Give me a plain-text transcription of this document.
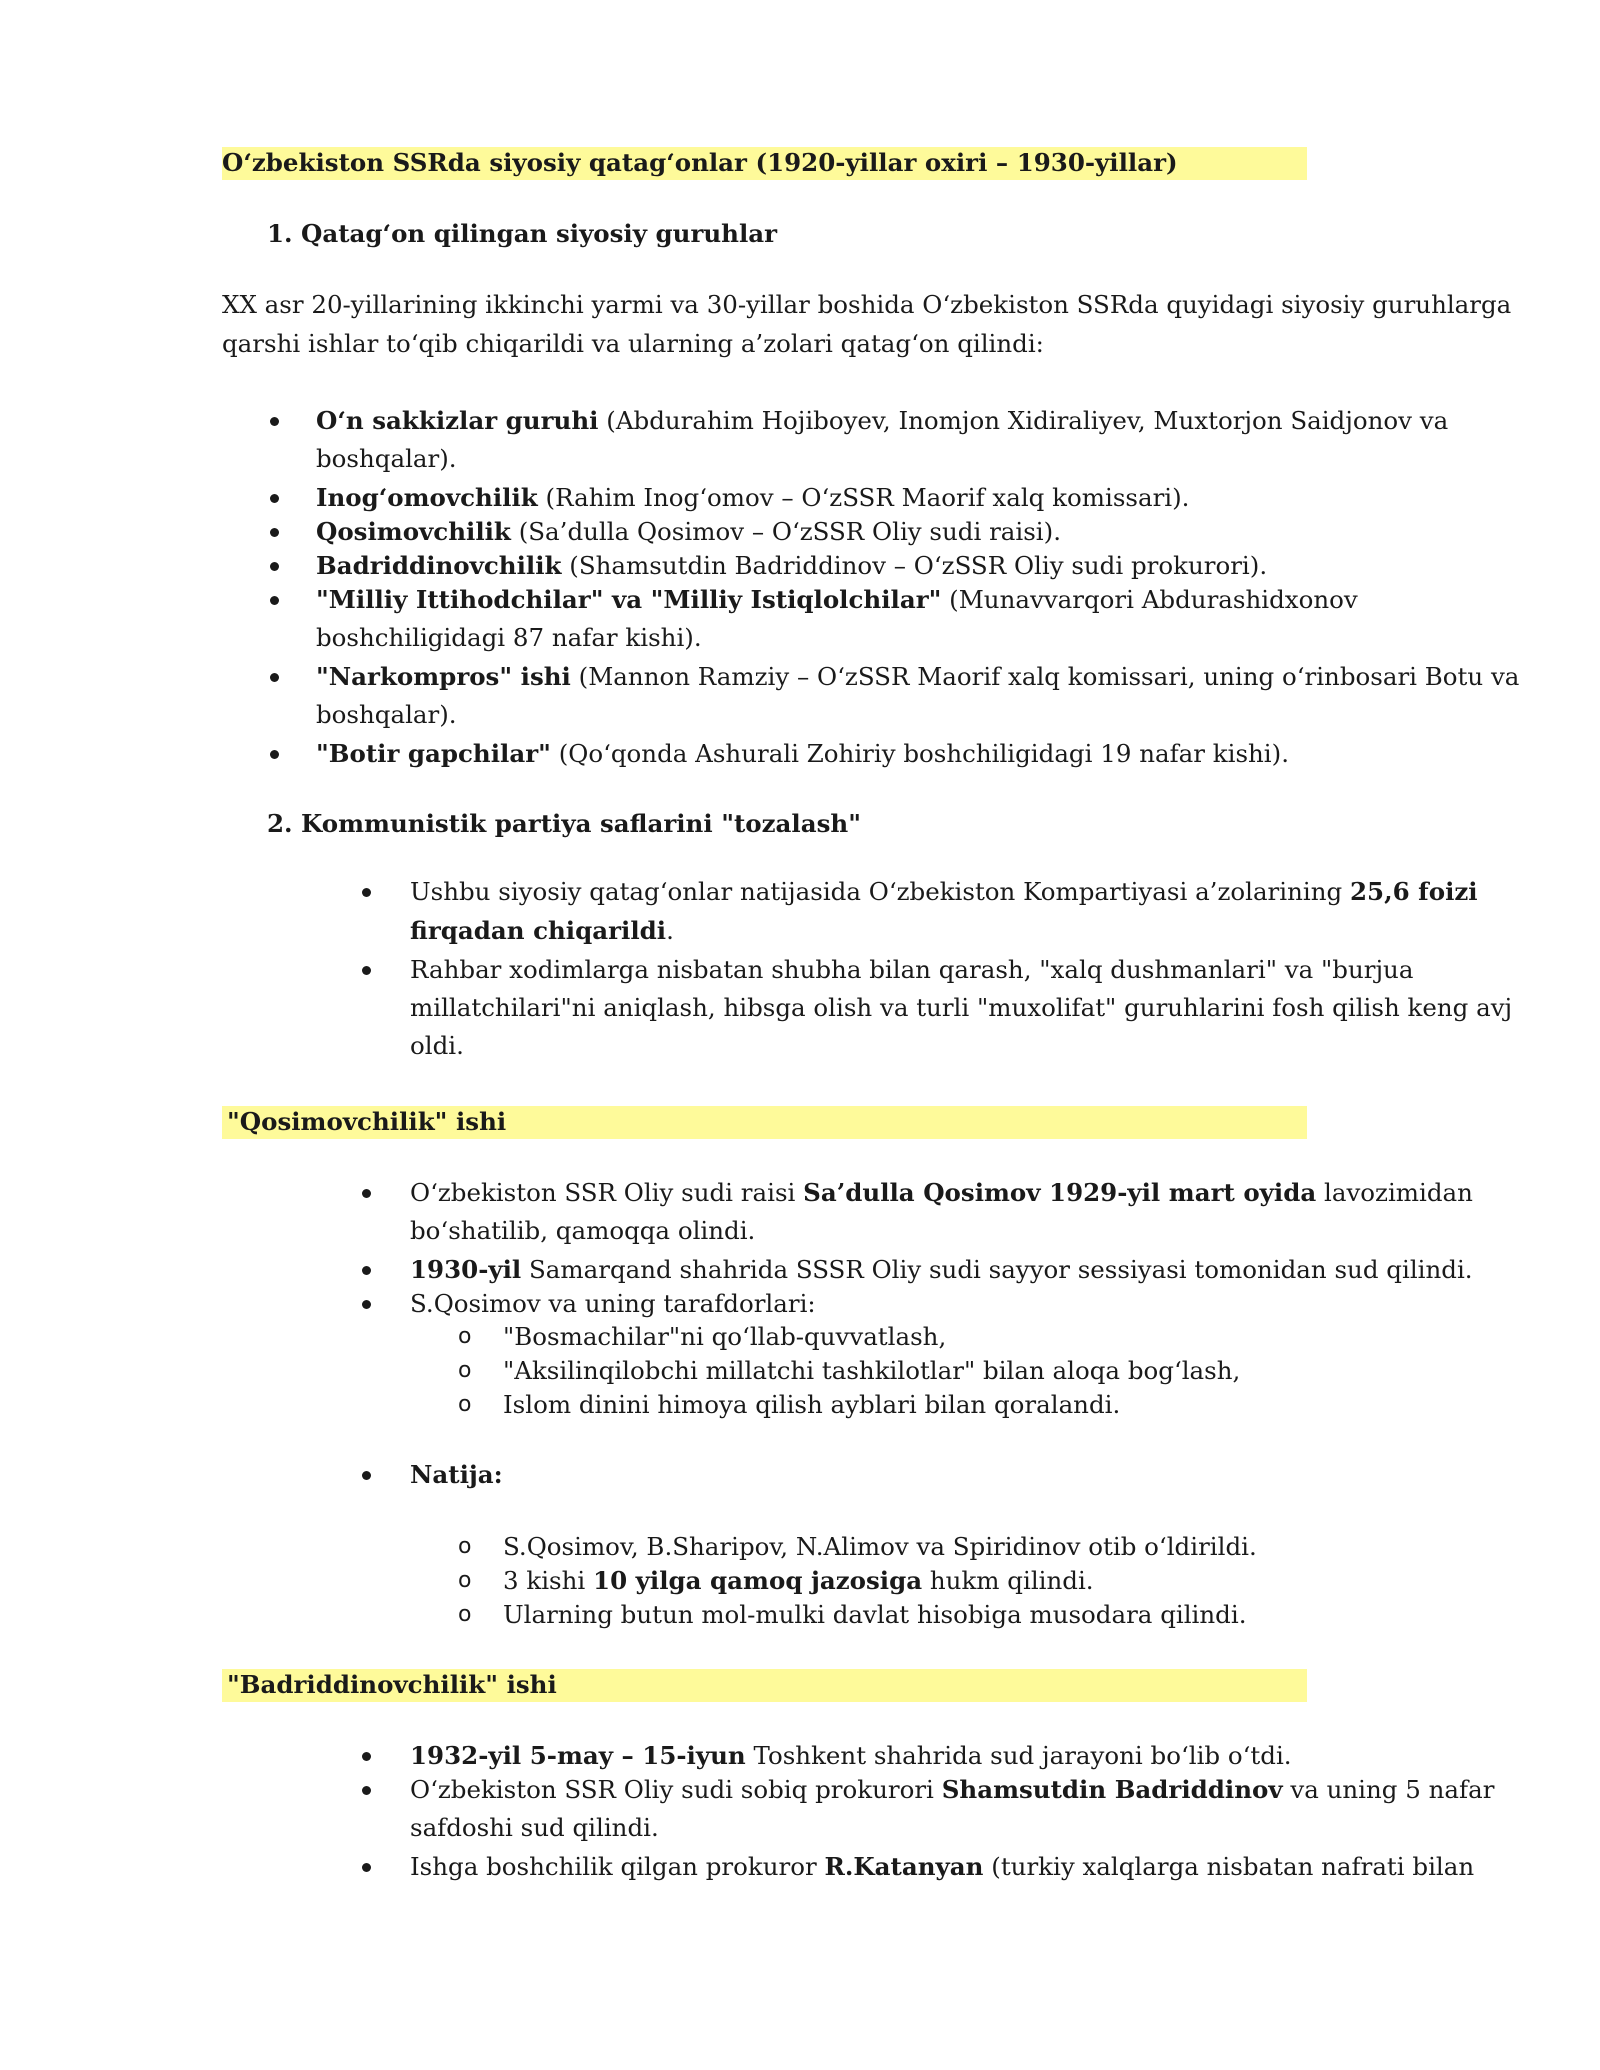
O‘zbekiston SSRda siyosiy qatag‘onlar (1920-yillar oxiri – 1930-yillar)
1. Qatag‘on qilingan siyosiy guruhlar
XX asr 20-yillarining ikkinchi yarmi va 30-yillar boshida O‘zbekiston SSRda quyidagi siyosiy guruhlarga
qarshi ishlar to‘qib chiqarildi va ularning a’zolari qatag‘on qilindi:
O‘n sakkizlar guruhi (Abdurahim Hojiboyev, Inomjon Xidiraliyev, Muxtorjon Saidjonov va
boshqalar).
Inog‘omovchilik (Rahim Inog‘omov – O‘zSSR Maorif xalq komissari).
Qosimovchilik (Sa’dulla Qosimov – O‘zSSR Oliy sudi raisi).
Badriddinovchilik (Shamsutdin Badriddinov – O‘zSSR Oliy sudi prokurori).
"Milliy Ittihodchilar" va "Milliy Istiqlolchilar" (Munavvarqori Abdurashidxonov
boshchiligidagi 87 nafar kishi).
"Narkompros" ishi (Mannon Ramziy – O‘zSSR Maorif xalq komissari, uning o‘rinbosari Botu va
boshqalar).
"Botir gapchilar" (Qo‘qonda Ashurali Zohiriy boshchiligidagi 19 nafar kishi).
2. Kommunistik partiya saflarini "tozalash"
Ushbu siyosiy qatag‘onlar natijasida O‘zbekiston Kompartiyasi a’zolarining 25,6 foizi
firqadan chiqarildi.
Rahbar xodimlarga nisbatan shubha bilan qarash, "xalq dushmanlari" va "burjua
millatchilari"ni aniqlash, hibsga olish va turli "muxolifat" guruhlarini fosh qilish keng avj
oldi.
"Qosimovchilik" ishi
O‘zbekiston SSR Oliy sudi raisi Sa’dulla Qosimov 1929-yil mart oyida lavozimidan
bo‘shatilib, qamoqqa olindi.
1930-yil Samarqand shahrida SSSR Oliy sudi sayyor sessiyasi tomonidan sud qilindi.
S.Qosimov va uning tarafdorlari:
o "Bosmachilar"ni qo‘llab-quvvatlash,
o "Aksilinqilobchi millatchi tashkilotlar" bilan aloqa bog‘lash,
o Islom dinini himoya qilish ayblari bilan qoralandi.
Natija:
o S.Qosimov, B.Sharipov, N.Alimov va Spiridinov otib o‘ldirildi.
o 3 kishi 10 yilga qamoq jazosiga hukm qilindi.
o Ularning butun mol-mulki davlat hisobiga musodara qilindi.
"Badriddinovchilik" ishi
1932-yil 5-may – 15-iyun Toshkent shahrida sud jarayoni bo‘lib o‘tdi.
O‘zbekiston SSR Oliy sudi sobiq prokurori Shamsutdin Badriddinov va uning 5 nafar
safdoshi sud qilindi.
Ishga boshchilik qilgan prokuror R.Katanyan (turkiy xalqlarga nisbatan nafrati bilan
